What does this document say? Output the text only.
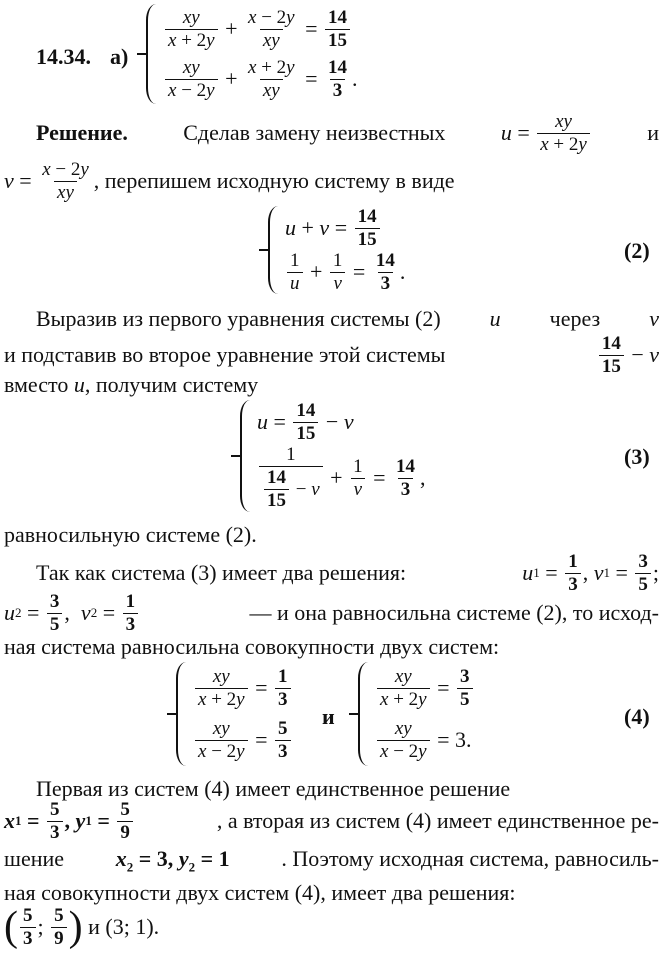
14.34. а)
$\frac{xy}{x + 2y} + \frac{x - 2y}{xy} = \frac{14}{15}$
$\frac{xy}{x - 2y} + \frac{x + 2y}{xy} = \frac{14}{3}$ .
Решение.	Сделав замену неизвестных	$u = \frac{xy}{x + 2y}$	и
$v = \frac{x - 2y}{xy}$ , перепишем исходную систему в виде
$u + v = \frac{14}{15}$
$\frac{1}{u} + \frac{1}{v} = \frac{14}{3}$ .
(2)
Выразив из первого уравнения системы (2) u через v
и подставив во второе уравнение этой системы	$\frac{14}{15} - v$
вместо u, получим систему
$u = \frac{14}{15} - v$
$\frac{1}{\frac{14}{15} - v} + \frac{1}{v} = \frac{14}{3}$ ,
(3)
равносильную системе (2).
Так как система (3) имеет два решения:	u $1 = \frac{1}{3}$ , v $1 = \frac{3}{5}$ ;
u $2 = \frac{3}{5}$ , v $2 = \frac{1}{3}$	— и она равносильна системе (2), то исход-
ная система равносильна совокупности двух систем:
$\frac{xy}{x + 2y} = \frac{1}{3}$
$\frac{xy}{x - 2y} = \frac{5}{3}$
и
$\frac{xy}{x + 2y} = \frac{3}{5}$
$\frac{xy}{x - 2y} = 3$.
(4)
Первая из систем (4) имеет единственное решение
x $1 = \frac{5}{3}$ , y $1 = \frac{5}{9}$	, а вторая из систем (4) имеет единственное ре-
шение $x_2 = 3$, $y_2 = 1$ . Поэтому исходная система, равносиль-
ная совокупности двух систем (4), имеет два решения:
( $\frac{5}{3}$ ; $\frac{5}{9}$ )
и (3; 1).
